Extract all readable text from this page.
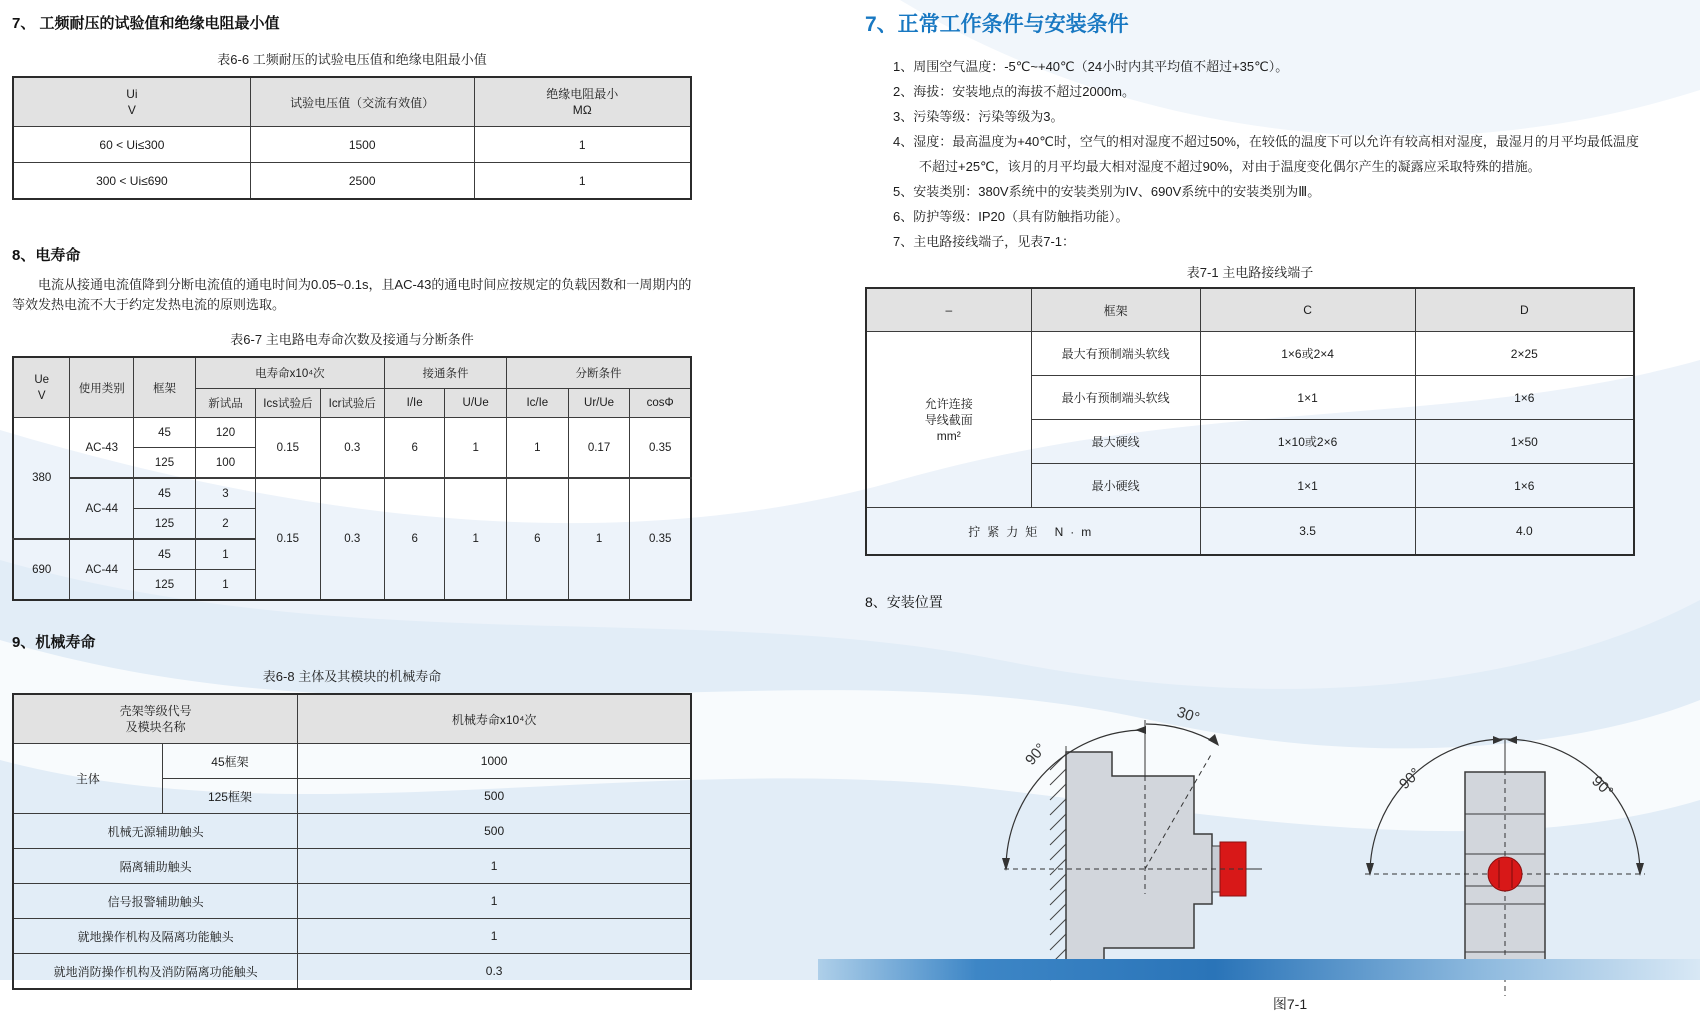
7、 工频耐压的试验值和绝缘电阻最小值

表6-6 工频耐压的试验电压值和绝缘电阻最小值

Ui
V	试验电压值（交流有效值）	绝缘电阻最小
MΩ

60 < Ui≤300	1500	1
300 < Ui≤690	2500	1
8、电寿命

电流从接通电流值降到分断电流值的通电时间为0.05~0.1s，且AC-43的通电时间应按规定的负载因数和一周期内的等效发热电流不大于约定发热电流的原则选取。

表6-7 主电路电寿命次数及接通与分断条件

Ue
V	使用类别	框架	电寿命x10⁴次			接通条件		分断条件		
			新试品	Ics试验后	Icr试验后	I/Ie	U/Ue	Ic/Ie	Ur/Ue	cosΦ
380	AC-43	45	120	0.15	0.3	6	1	1	0.17	0.35
		125	100							
	AC-44	45	3	0.15	0.3	6	1	6	1	0.35
		125	2							
690	AC-44	45	1							
		125	1							
9、机械寿命

表6-8 主体及其模块的机械寿命

壳架等级代号
及模块名称		机械寿命x10⁴次
主体	45框架	1000
	125框架	500
机械无源辅助触头		500
隔离辅助触头		1
信号报警辅助触头		1
就地操作机构及隔离功能触头		1
就地消防操作机构及消防隔离功能触头		0.3
7、正常工作条件与安装条件
1、周围空气温度：-5℃~+40℃（24小时内其平均值不超过+35℃）。
2、海拔：安装地点的海拔不超过2000m。
3、污染等级：污染等级为3。
4、湿度：最高温度为+40℃时，空气的相对湿度不超过50%，在较低的温度下可以允许有较高相对湿度，最湿月的月平均最低温度不超过+25℃，该月的月平均最大相对湿度不超过90%，对由于温度变化偶尔产生的凝露应采取特殊的措施。
5、安装类别：380V系统中的安装类别为IV、690V系统中的安装类别为Ⅲ。
6、防护等级：IP20（具有防触指功能）。
7、主电路接线端子，见表7-1：

表7-1 主电路接线端子

–	框架	C	D

允许连接
导线截面
mm²	最大有预制端头软线	1×6或2×4	2×25
	最小有预制端头软线	1×1	1×6
	最大硬线	1×10或2×6	1×50
	最小硬线	1×1	1×6
拧紧力矩 N·m		3.5	4.0
8、安装位置
30°
90°
90°	90°
图7-1
